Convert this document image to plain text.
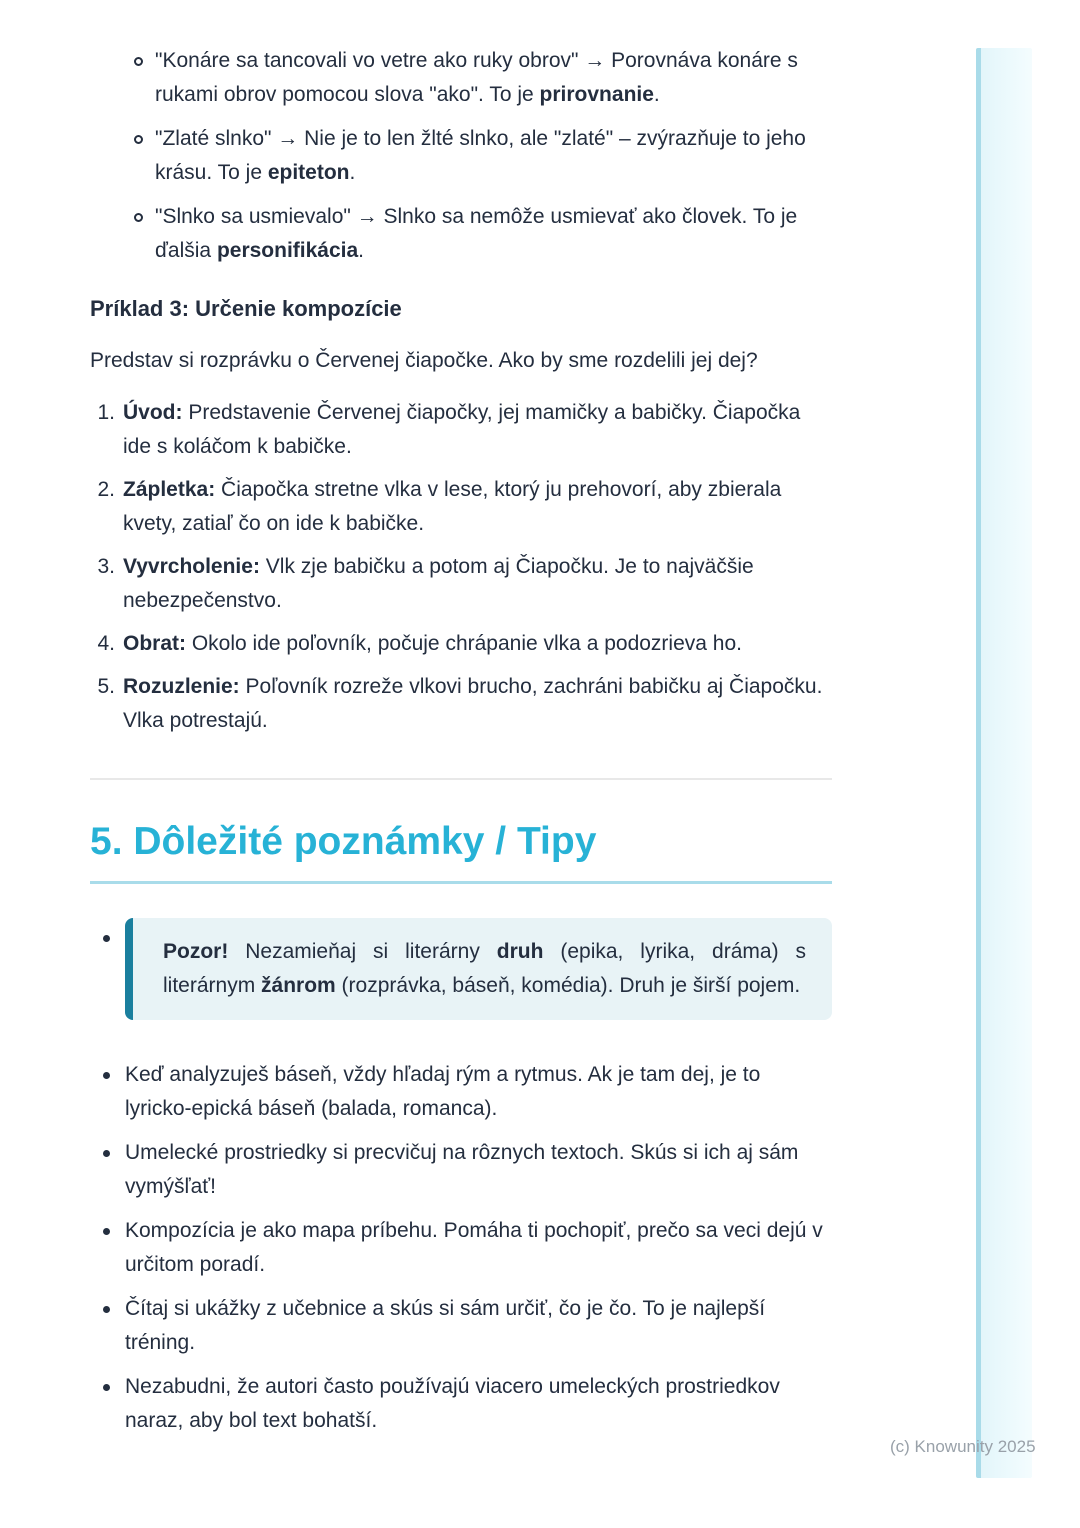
"Konáre sa tancovali vo vetre ako ruky obrov" → Porovnáva konáre s rukami obrov pomocou slova "ako". To je prirovnanie.
"Zlaté slnko" → Nie je to len žlté slnko, ale "zlaté" – zvýrazňuje to jeho krásu. To je epiteton.
"Slnko sa usmievalo" → Slnko sa nemôže usmievať ako človek. To je ďalšia personifikácia.
Príklad 3: Určenie kompozície

Predstav si rozprávku o Červenej čiapočke. Ako by sme rozdelili jej dej?

1. Úvod: Predstavenie Červenej čiapočky, jej mamičky a babičky. Čiapočka ide s koláčom k babičke.
2. Zápletka: Čiapočka stretne vlka v lese, ktorý ju prehovorí, aby zbierala kvety, zatiaľ čo on ide k babičke.
3. Vyvrcholenie: Vlk zje babičku a potom aj Čiapočku. Je to najväčšie nebezpečenstvo.
4. Obrat: Okolo ide poľovník, počuje chrápanie vlka a podozrieva ho.
5. Rozuzlenie: Poľovník rozreže vlkovi brucho, zachráni babičku aj Čiapočku. Vlka potrestajú.
5. Dôležité poznámky / Tipy
Pozor! Nezamieňaj si literárny druh (epika, lyrika, dráma) s literárnym žánrom (rozprávka, báseň, komédia). Druh je širší pojem.
Keď analyzuješ báseň, vždy hľadaj rým a rytmus. Ak je tam dej, je to lyricko-epická báseň (balada, romanca).
Umelecké prostriedky si precvičuj na rôznych textoch. Skús si ich aj sám vymýšľať!
Kompozícia je ako mapa príbehu. Pomáha ti pochopiť, prečo sa veci dejú v určitom poradí.
Čítaj si ukážky z učebnice a skús si sám určiť, čo je čo. To je najlepší tréning.
Nezabudni, že autori často používajú viacero umeleckých prostriedkov naraz, aby bol text bohatší.
(c) Knowunity 2025
